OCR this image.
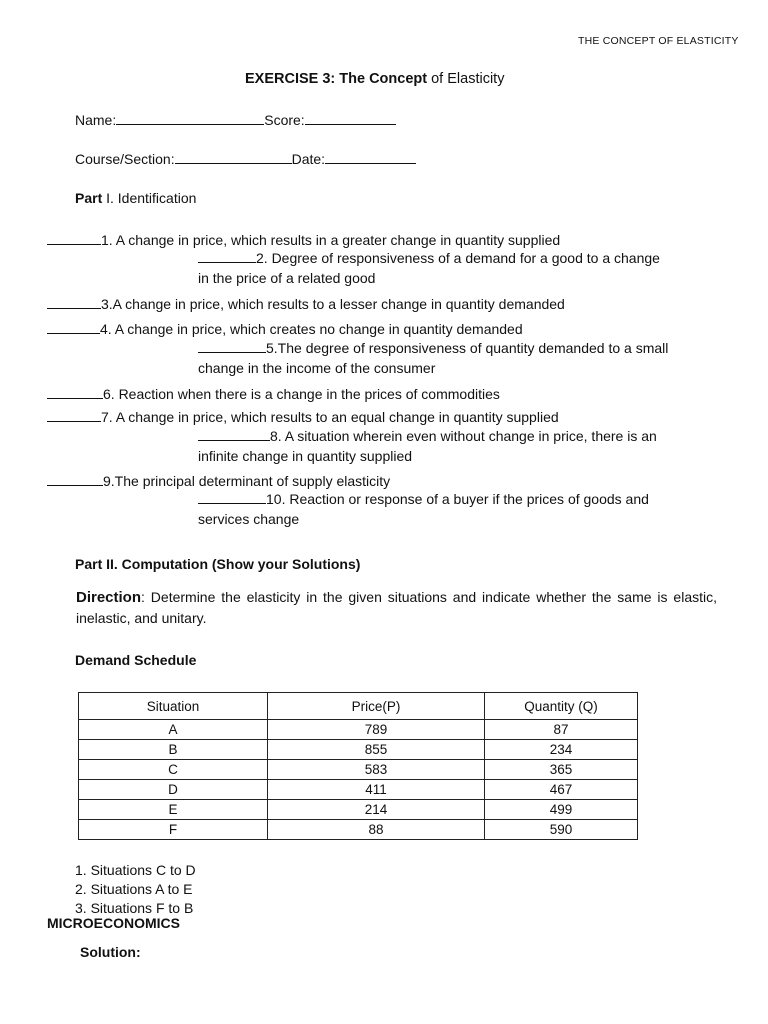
THE CONCEPT OF ELASTICITY
EXERCISE 3: The Concept of Elasticity
Name:	Score:
Course/Section:	Date:
Part I. Identification
1. A change in price, which results in a greater change in quantity supplied
2. Degree of responsiveness of a demand for a good to a change
in the price of a related good
3.A change in price, which results to a lesser change in quantity demanded
4. A change in price, which creates no change in quantity demanded
5.The degree of responsiveness of quantity demanded to a small
change in the income of the consumer
6. Reaction when there is a change in the prices of commodities
7. A change in price, which results to an equal change in quantity supplied
8. A situation wherein even without change in price, there is an
infinite change in quantity supplied
9.The principal determinant of supply elasticity
10. Reaction or response of a buyer if the prices of goods and
services change
Part II. Computation (Show your Solutions)
Direction: Determine the elasticity in the given situations and indicate whether the same is elastic, inelastic, and unitary.
Demand Schedule
Situation	Price(P)	Quantity (Q)
A	789	87
B	855	234
C	583	365
D	411	467
E	214	499
F	88	590
1. Situations C to D
2. Situations A to E
3. Situations F to B
MICROECONOMICS
Solution:
